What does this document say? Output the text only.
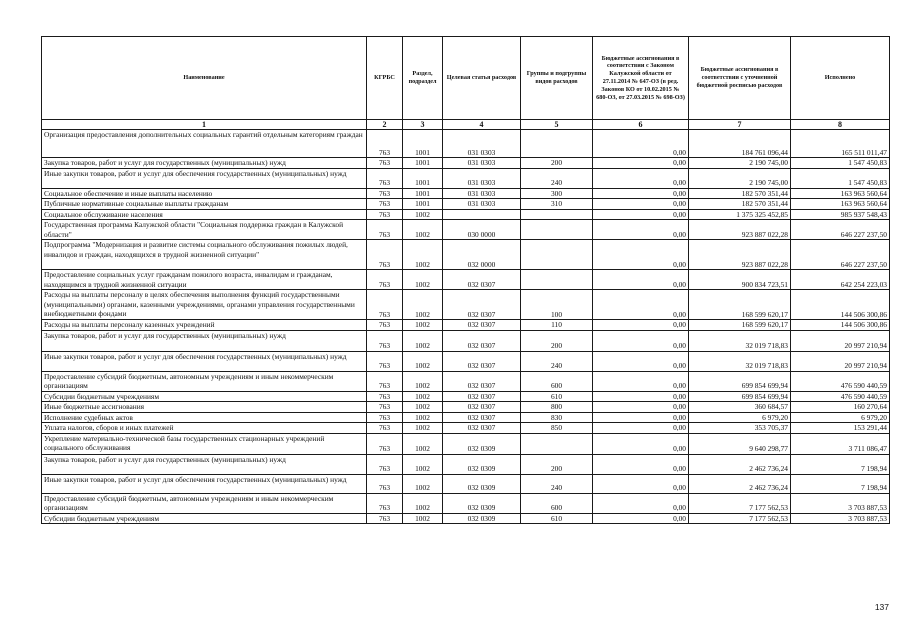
Наименование	КГРБС	Раздел, подраздел	Целевая статья расходов	Группы и подгруппы видов расходов	Бюджетные ассигнования в соответствии с Законом Калужской области от 27.11.2014 № 647-ОЗ (в ред. Законов КО от 10.02.2015 № 680-ОЗ, от 27.03.2015 № 698-ОЗ)	Бюджетные ассигнования в соответствии с уточненной бюджетной росписью расходов	Исполнено
1	2	3	4	5	6	7	8
Организация предоставления дополнительных социальных гарантий отдельным категориям граждан	763	1001	031 0303		0,00	184 761 096,44	165 511 011,47
Закупка товаров, работ и услуг для государственных (муниципальных) нужд	763	1001	031 0303	200	0,00	2 190 745,00	1 547 450,83
Иные закупки товаров, работ и услуг для обеспечения государственных (муниципальных) нужд	763	1001	031 0303	240	0,00	2 190 745,00	1 547 450,83
Социальное обеспечение и иные выплаты населению	763	1001	031 0303	300	0,00	182 570 351,44	163 963 560,64
Публичные нормативные социальные выплаты гражданам	763	1001	031 0303	310	0,00	182 570 351,44	163 963 560,64
Социальное обслуживание населения	763	1002			0,00	1 375 325 452,85	985 937 548,43
Государственная программа Калужской области "Социальная поддержка граждан в Калужской области"	763	1002	030 0000		0,00	923 887 022,28	646 227 237,50
Подпрограмма "Модернизация и развитие системы социального обслуживания пожилых людей, инвалидов и граждан, находящихся в трудной жизненной ситуации"	763	1002	032 0000		0,00	923 887 022,28	646 227 237,50
Предоставление социальных услуг гражданам пожилого возраста, инвалидам и гражданам, находящимся в трудной жизненной ситуации	763	1002	032 0307		0,00	900 834 723,51	642 254 223,03
Расходы на выплаты персоналу в целях обеспечения выполнения функций государственными (муниципальными) органами, казенными учреждениями, органами управления государственными внебюджетными фондами	763	1002	032 0307	100	0,00	168 599 620,17	144 506 300,86
Расходы на выплаты персоналу казенных учреждений	763	1002	032 0307	110	0,00	168 599 620,17	144 506 300,86
Закупка товаров, работ и услуг для государственных (муниципальных) нужд	763	1002	032 0307	200	0,00	32 019 718,83	20 997 210,94
Иные закупки товаров, работ и услуг для обеспечения государственных (муниципальных) нужд	763	1002	032 0307	240	0,00	32 019 718,83	20 997 210,94
Предоставление субсидий бюджетным, автономным учреждениям и иным некоммерческим организациям	763	1002	032 0307	600	0,00	699 854 699,94	476 590 440,59
Субсидии бюджетным учреждениям	763	1002	032 0307	610	0,00	699 854 699,94	476 590 440,59
Иные бюджетные ассигнования	763	1002	032 0307	800	0,00	360 684,57	160 270,64
Исполнение судебных актов	763	1002	032 0307	830	0,00	6 979,20	6 979,20
Уплата налогов, сборов и иных платежей	763	1002	032 0307	850	0,00	353 705,37	153 291,44
Укрепление материально-технической базы государственных стационарных учреждений социального обслуживания	763	1002	032 0309		0,00	9 640 298,77	3 711 086,47
Закупка товаров, работ и услуг для государственных (муниципальных) нужд	763	1002	032 0309	200	0,00	2 462 736,24	7 198,94
Иные закупки товаров, работ и услуг для обеспечения государственных (муниципальных) нужд	763	1002	032 0309	240	0,00	2 462 736,24	7 198,94
Предоставление субсидий бюджетным, автономным учреждениям и иным некоммерческим организациям	763	1002	032 0309	600	0,00	7 177 562,53	3 703 887,53
Субсидии бюджетным учреждениям	763	1002	032 0309	610	0,00	7 177 562,53	3 703 887,53
137
